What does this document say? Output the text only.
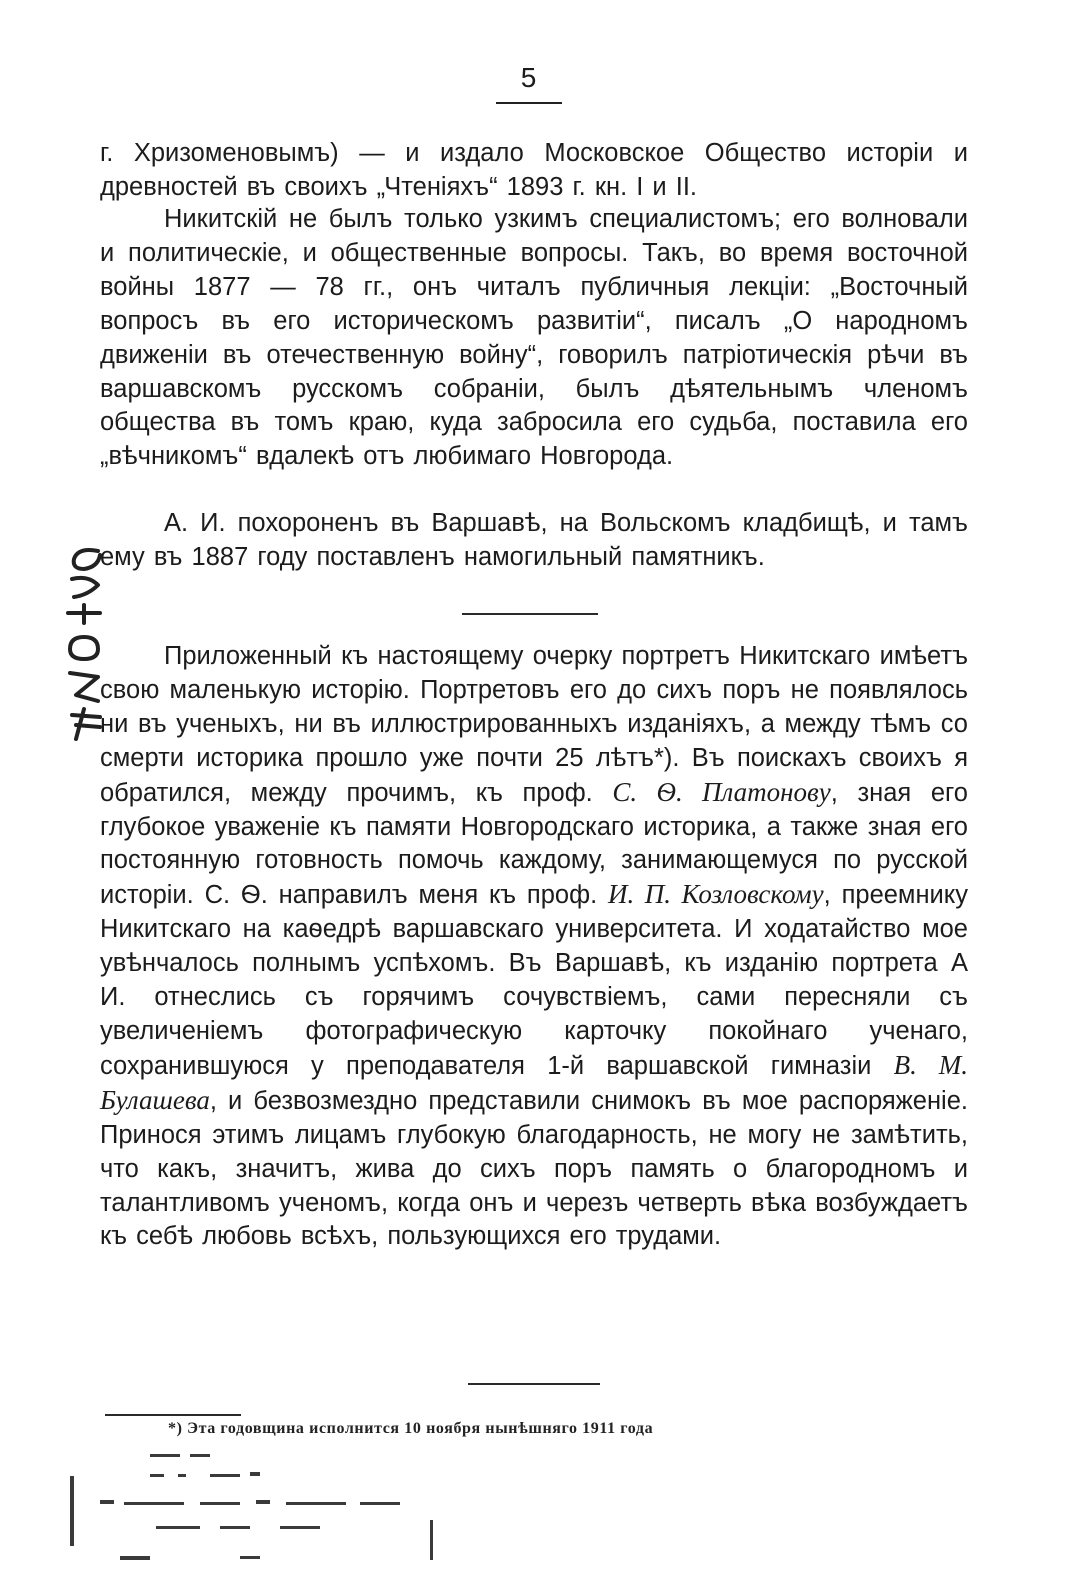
5

г. Хризоменовымъ) — и издало Московское Общество исторіи и древностей въ своихъ „Чтеніяхъ“ 1893 г. кн. I и II.

Никитскій не былъ только узкимъ специалистомъ; его волновали и политическіе, и общественные вопросы. Такъ, во время восточной войны 1877 — 78 гг., онъ читалъ публичныя лекціи: „Восточный вопросъ въ его историческомъ развитіи“, писалъ „О народномъ движеніи въ отечественную войну“, говорилъ патріотическія рѣчи въ варшавскомъ русскомъ собраніи, былъ дѣятельнымъ членомъ общества въ томъ краю, куда забросила его судьба, поставила его „вѣчникомъ“ вдалекѣ отъ любимаго Новгорода.

А. И. похороненъ въ Варшавѣ, на Вольскомъ кладбищѣ, и тамъ ему въ 1887 году поставленъ намогильный памятникъ.

Приложенный къ настоящему очерку портретъ Никитскаго имѣетъ свою маленькую исторію. Портретовъ его до сихъ поръ не появлялось ни въ ученыхъ, ни въ иллюстрированныхъ изданіяхъ, а между тѣмъ со смерти историка прошло уже почти 25 лѣтъ*). Въ поискахъ своихъ я обратился, между прочимъ, къ проф. С. Ѳ. Платонову, зная его глубокое уваженіе къ памяти Новгородскаго историка, а также зная его постоянную готовность помочь каждому, занимающемуся по русской исторіи. С. Ѳ. направилъ меня къ проф. И. П. Козловскому, преемнику Никитскаго на каѳедрѣ варшавскаго университета. И ходатайство мое увѣнчалось полнымъ успѣхомъ. Въ Варшавѣ, къ изданію портрета А И. отнеслись съ горячимъ сочувствіемъ, сами пересняли съ увеличеніемъ фотографическую карточку покойнаго ученаго, сохранившуюся у преподавателя 1-й варшавской гимназіи В. М. Булашева, и безвозмездно представили снимокъ въ мое распоряженіе. Принося этимъ лицамъ глубокую благодарность, не могу не замѣтить, что какъ, значитъ, жива до сихъ поръ память о благородномъ и талантливомъ ученомъ, когда онъ и черезъ четверть вѣка возбуждаетъ къ себѣ любовь всѣхъ, пользующихся его трудами.

*) Эта годовщина исполнится 10 ноября нынѣшняго 1911 года
